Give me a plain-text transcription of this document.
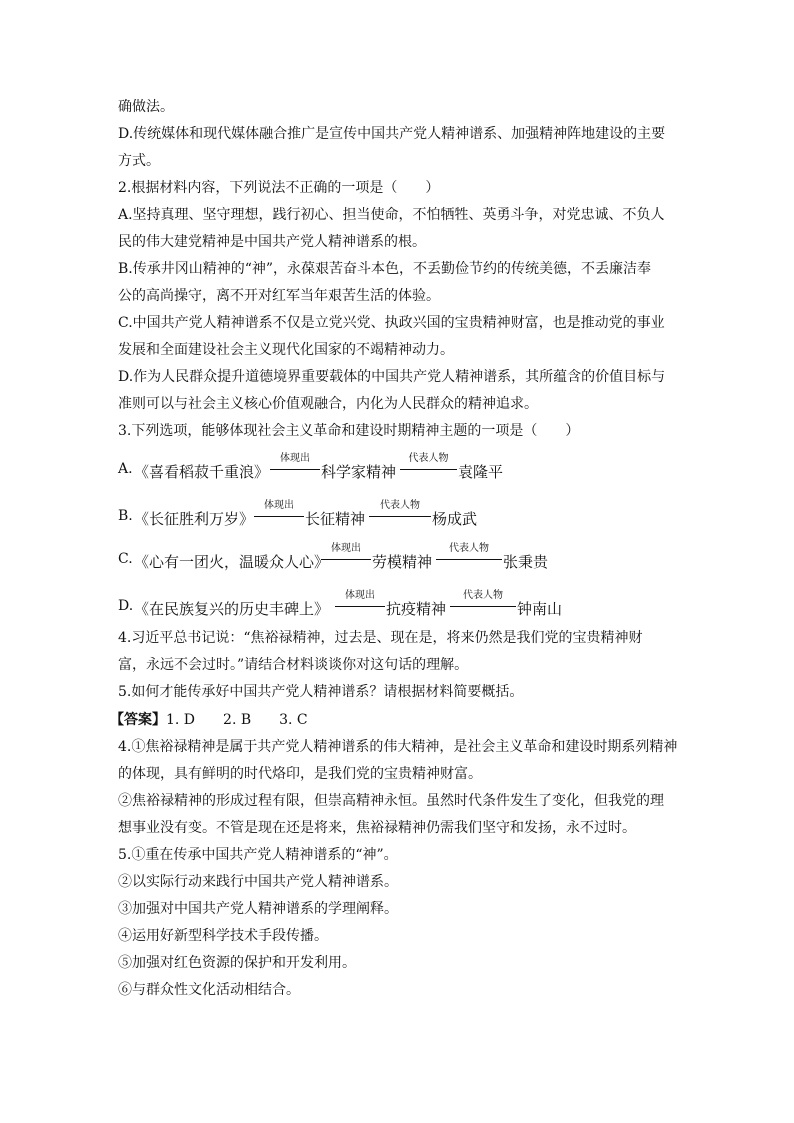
确做法。
D.传统媒体和现代媒体融合推广是宣传中国共产党人精神谱系、加强精神阵地建设的主要
方式。
2.根据材料内容，下列说法不正确的一项是（　　）
A.坚持真理、坚守理想，践行初心、担当使命，不怕牺牲、英勇斗争，对党忠诚、不负人
民的伟大建党精神是中国共产党人精神谱系的根。
B.传承井冈山精神的“神”，永葆艰苦奋斗本色，不丢勤俭节约的传统美德，不丢廉洁奉
公的高尚操守，离不开对红军当年艰苦生活的体验。
C.中国共产党人精神谱系不仅是立党兴党、执政兴国的宝贵精神财富，也是推动党的事业
发展和全面建设社会主义现代化国家的不竭精神动力。
D.作为人民群众提升道德境界重要载体的中国共产党人精神谱系，其所蕴含的价值目标与
准则可以与社会主义核心价值观融合，内化为人民群众的精神追求。
3.下列选项，能够体现社会主义革命和建设时期精神主题的一项是（　　）
A. 《喜看稻菽千重浪》
体现出
科学家精神
代表人物
袁隆平
B. 《长征胜利万岁》
体现出
长征精神
代表人物
杨成武
C. 《心有一团火，温暖众人心》
体现出
劳模精神
代表人物
张秉贵
D. 《在民族复兴的历史丰碑上》
体现出
抗疫精神
代表人物
钟南山
4.习近平总书记说：“焦裕禄精神，过去是、现在是，将来仍然是我们党的宝贵精神财
富，永远不会过时。”请结合材料谈谈你对这句话的理解。
5.如何才能传承好中国共产党人精神谱系？请根据材料简要概括。
【答案】1. D　　2. B　　3. C
4.①焦裕禄精神是属于共产党人精神谱系的伟大精神，是社会主义革命和建设时期系列精神
的体现，具有鲜明的时代烙印，是我们党的宝贵精神财富。
②焦裕禄精神的形成过程有限，但崇高精神永恒。虽然时代条件发生了变化，但我党的理
想事业没有变。不管是现在还是将来，焦裕禄精神仍需我们坚守和发扬，永不过时。
5.①重在传承中国共产党人精神谱系的“神”。
②以实际行动来践行中国共产党人精神谱系。
③加强对中国共产党人精神谱系的学理阐释。
④运用好新型科学技术手段传播。
⑤加强对红色资源的保护和开发利用。
⑥与群众性文化活动相结合。
